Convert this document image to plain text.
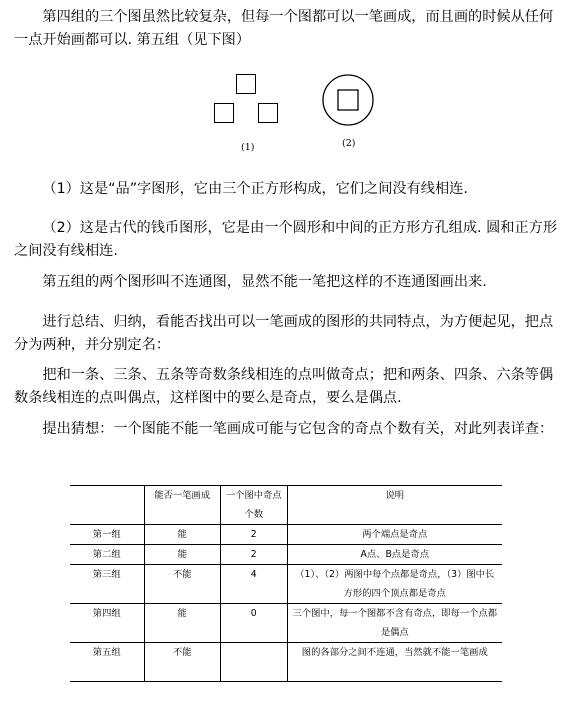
第四组的三个图虽然比较复杂，但每一个图都可以一笔画成，而且画的时候从任何一点开始画都可以. 第五组（见下图）

(1)	(2)

（1）这是“品”字图形，它由三个正方形构成，它们之间没有线相连.

（2）这是古代的钱币图形，它是由一个圆形和中间的正方形方孔组成. 圆和正方形之间没有线相连.

第五组的两个图形叫不连通图，显然不能一笔把这样的不连通图画出来.

进行总结、归纳，看能否找出可以一笔画成的图形的共同特点，为方便起见，把点分为两种，并分别定名：

把和一条、三条、五条等奇数条线相连的点叫做奇点；把和两条、四条、六条等偶数条线相连的点叫偶点，这样图中的要么是奇点，要么是偶点.

提出猜想：一个图能不能一笔画成可能与它包含的奇点个数有关，对此列表详查：

	能否一笔画成	一个图中奇点个数	说明
第一组	能	2	两个端点是奇点
第二组	能	2	A点、B点是奇点
第三组	不能	4	（1）、（2）两图中每个点都是奇点，（3）图中长方形的四个顶点都是奇点
第四组	能	0	三个图中，每一个图都不含有奇点，即每一个点都是偶点
第五组	不能		图的各部分之间不连通，当然就不能一笔画成
